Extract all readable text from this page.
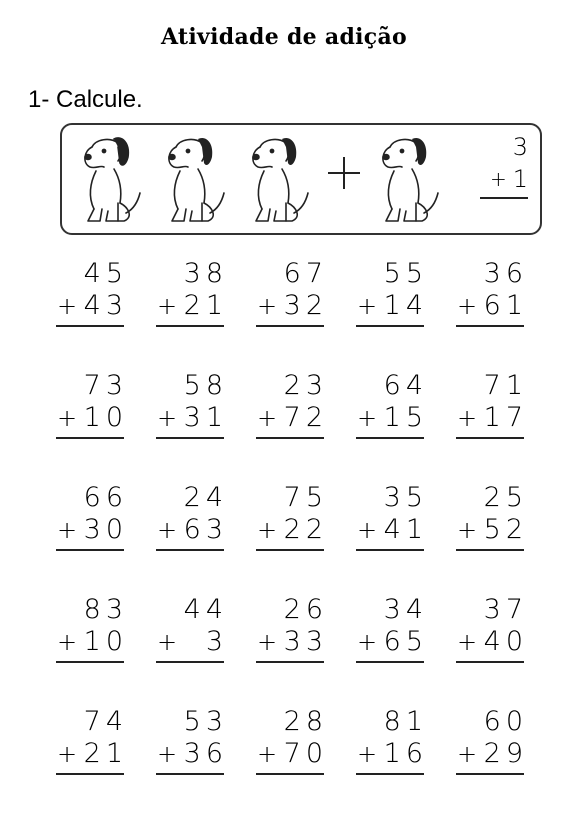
Atividade de adição
1- Calcule.
3
+ 1
45
+ 43
38
+ 21
67
+ 32
55
+ 14
36
+ 61
73
+ 10
58
+ 31
23
+ 72
64
+ 15
71
+ 17
66
+ 30
24
+ 63
75
+ 22
35
+ 41
25
+ 52
83
+ 10
44
+	3
26
+ 33
34
+ 65
37
+ 40
74
+ 21
53
+ 36
28
+ 70
81
+ 16
60
+ 29
